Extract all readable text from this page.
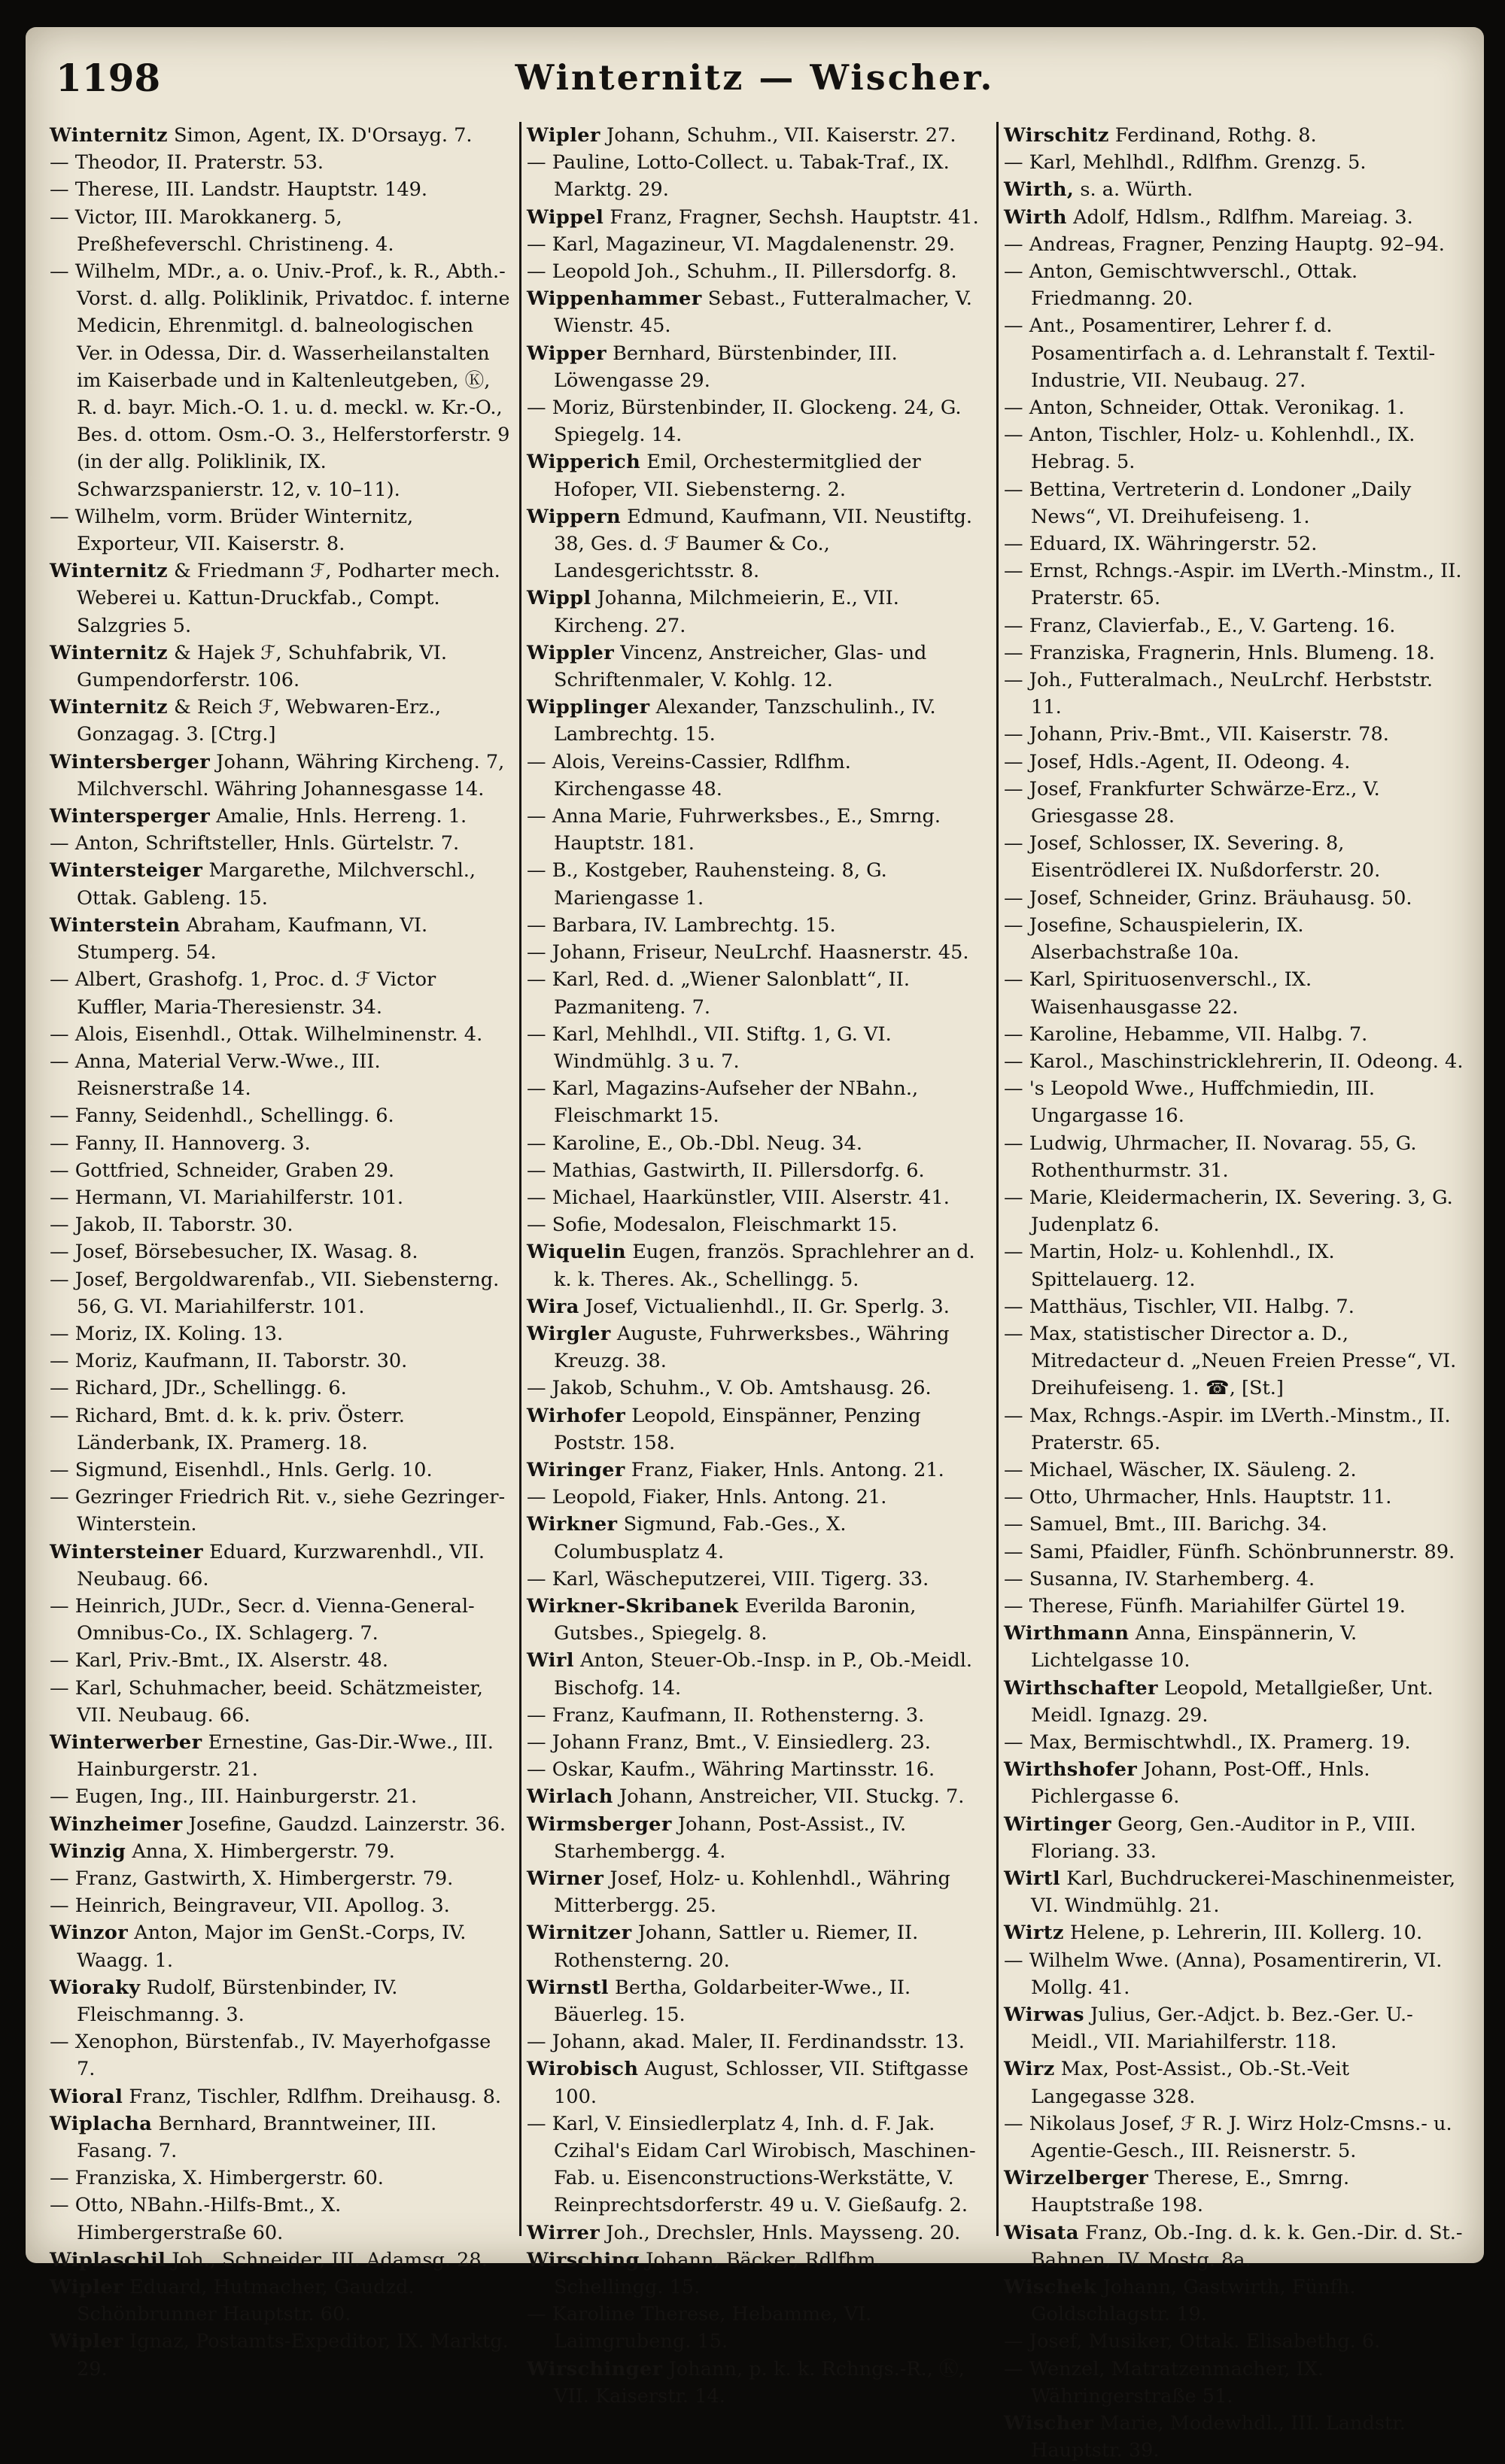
1198	Winternitz — Wischer.
Winternitz Simon, Agent, IX. D'Orsayg. 7.
— Theodor, II. Praterstr. 53.
— Therese, III. Landstr. Hauptstr. 149.
— Victor, III. Marokkanerg. 5, Preßhefeverschl. Christineng. 4.
— Wilhelm, MDr., a. o. Univ.-Prof., k. R., Abth.-Vorst. d. allg. Poliklinik, Privatdoc. f. interne Medicin, Ehrenmitgl. d. balneologischen Ver. in Odessa, Dir. d. Wasserheilanstalten im Kaiserbade und in Kaltenleutgeben, Ⓚ, R. d. bayr. Mich.-O. 1. u. d. meckl. w. Kr.-O., Bes. d. ottom. Osm.-O. 3., Helferstorferstr. 9 (in der allg. Poliklinik, IX. Schwarzspanierstr. 12, v. 10–11).
— Wilhelm, vorm. Brüder Winternitz, Exporteur, VII. Kaiserstr. 8.
Winternitz & Friedmann ℱ, Podharter mech. Weberei u. Kattun-Druckfab., Compt. Salzgries 5.
Winternitz & Hajek ℱ, Schuhfabrik, VI. Gumpendorferstr. 106.
Winternitz & Reich ℱ, Webwaren-Erz., Gonzagag. 3. [Ctrg.]
Wintersberger Johann, Währing Kircheng. 7, Milchverschl. Währing Johannesgasse 14.
Wintersperger Amalie, Hnls. Herreng. 1.
— Anton, Schriftsteller, Hnls. Gürtelstr. 7.
Wintersteiger Margarethe, Milchverschl., Ottak. Gableng. 15.
Winterstein Abraham, Kaufmann, VI. Stumperg. 54.
— Albert, Grashofg. 1, Proc. d. ℱ Victor Kuffler, Maria-Theresienstr. 34.
— Alois, Eisenhdl., Ottak. Wilhelminenstr. 4.
— Anna, Material Verw.-Wwe., III. Reisnerstraße 14.
— Fanny, Seidenhdl., Schellingg. 6.
— Fanny, II. Hannoverg. 3.
— Gottfried, Schneider, Graben 29.
— Hermann, VI. Mariahilferstr. 101.
— Jakob, II. Taborstr. 30.
— Josef, Börsebesucher, IX. Wasag. 8.
— Josef, Bergoldwarenfab., VII. Siebensterng. 56, G. VI. Mariahilferstr. 101.
— Moriz, IX. Koling. 13.
— Moriz, Kaufmann, II. Taborstr. 30.
— Richard, JDr., Schellingg. 6.
— Richard, Bmt. d. k. k. priv. Österr. Länderbank, IX. Pramerg. 18.
— Sigmund, Eisenhdl., Hnls. Gerlg. 10.
— Gezringer Friedrich Rit. v., siehe Gezringer-Winterstein.
Wintersteiner Eduard, Kurzwarenhdl., VII. Neubaug. 66.
— Heinrich, JUDr., Secr. d. Vienna-General-Omnibus-Co., IX. Schlagerg. 7.
— Karl, Priv.-Bmt., IX. Alserstr. 48.
— Karl, Schuhmacher, beeid. Schätzmeister, VII. Neubaug. 66.
Winterwerber Ernestine, Gas-Dir.-Wwe., III. Hainburgerstr. 21.
— Eugen, Ing., III. Hainburgerstr. 21.
Winzheimer Josefine, Gaudzd. Lainzerstr. 36.
Winzig Anna, X. Himbergerstr. 79.
— Franz, Gastwirth, X. Himbergerstr. 79.
— Heinrich, Beingraveur, VII. Apollog. 3.
Winzor Anton, Major im GenSt.-Corps, IV. Waagg. 1.
Wioraky Rudolf, Bürstenbinder, IV. Fleischmanng. 3.
— Xenophon, Bürstenfab., IV. Mayerhofgasse 7.
Wioral Franz, Tischler, Rdlfhm. Dreihausg. 8.
Wiplacha Bernhard, Branntweiner, III. Fasang. 7.
— Franziska, X. Himbergerstr. 60.
— Otto, NBahn.-Hilfs-Bmt., X. Himbergerstraße 60.
Wiplaschil Joh., Schneider, III. Adamsg. 28.
Wipler Eduard, Hutmacher, Gaudzd. Schönbrunner Hauptstr. 60.
Wipler Ignaz, Postamts-Expeditor, IX. Marktg. 29.
Wipler Johann, Schuhm., VII. Kaiserstr. 27.
— Pauline, Lotto-Collect. u. Tabak-Traf., IX. Marktg. 29.
Wippel Franz, Fragner, Sechsh. Hauptstr. 41.
— Karl, Magazineur, VI. Magdalenenstr. 29.
— Leopold Joh., Schuhm., II. Pillersdorfg. 8.
Wippenhammer Sebast., Futteralmacher, V. Wienstr. 45.
Wipper Bernhard, Bürstenbinder, III. Löwengasse 29.
— Moriz, Bürstenbinder, II. Glockeng. 24, G. Spiegelg. 14.
Wipperich Emil, Orchestermitglied der Hofoper, VII. Siebensterng. 2.
Wippern Edmund, Kaufmann, VII. Neustiftg. 38, Ges. d. ℱ Baumer & Co., Landesgerichtsstr. 8.
Wippl Johanna, Milchmeierin, E., VII. Kircheng. 27.
Wippler Vincenz, Anstreicher, Glas- und Schriftenmaler, V. Kohlg. 12.
Wipplinger Alexander, Tanzschulinh., IV. Lambrechtg. 15.
— Alois, Vereins-Cassier, Rdlfhm. Kirchengasse 48.
— Anna Marie, Fuhrwerksbes., E., Smrng. Hauptstr. 181.
— B., Kostgeber, Rauhensteing. 8, G. Mariengasse 1.
— Barbara, IV. Lambrechtg. 15.
— Johann, Friseur, NeuLrchf. Haasnerstr. 45.
— Karl, Red. d. „Wiener Salonblatt“, II. Pazmaniteng. 7.
— Karl, Mehlhdl., VII. Stiftg. 1, G. VI. Windmühlg. 3 u. 7.
— Karl, Magazins-Aufseher der NBahn., Fleischmarkt 15.
— Karoline, E., Ob.-Dbl. Neug. 34.
— Mathias, Gastwirth, II. Pillersdorfg. 6.
— Michael, Haarkünstler, VIII. Alserstr. 41.
— Sofie, Modesalon, Fleischmarkt 15.
Wiquelin Eugen, französ. Sprachlehrer an d. k. k. Theres. Ak., Schellingg. 5.
Wira Josef, Victualienhdl., II. Gr. Sperlg. 3.
Wirgler Auguste, Fuhrwerksbes., Währing Kreuzg. 38.
— Jakob, Schuhm., V. Ob. Amtshausg. 26.
Wirhofer Leopold, Einspänner, Penzing Poststr. 158.
Wiringer Franz, Fiaker, Hnls. Antong. 21.
— Leopold, Fiaker, Hnls. Antong. 21.
Wirkner Sigmund, Fab.-Ges., X. Columbusplatz 4.
— Karl, Wäscheputzerei, VIII. Tigerg. 33.
Wirkner-Skribanek Everilda Baronin, Gutsbes., Spiegelg. 8.
Wirl Anton, Steuer-Ob.-Insp. in P., Ob.-Meidl. Bischofg. 14.
— Franz, Kaufmann, II. Rothensterng. 3.
— Johann Franz, Bmt., V. Einsiedlerg. 23.
— Oskar, Kaufm., Währing Martinsstr. 16.
Wirlach Johann, Anstreicher, VII. Stuckg. 7.
Wirmsberger Johann, Post-Assist., IV. Starhembergg. 4.
Wirner Josef, Holz- u. Kohlenhdl., Währing Mitterbergg. 25.
Wirnitzer Johann, Sattler u. Riemer, II. Rothensterng. 20.
Wirnstl Bertha, Goldarbeiter-Wwe., II. Bäuerleg. 15.
— Johann, akad. Maler, II. Ferdinandsstr. 13.
Wirobisch August, Schlosser, VII. Stiftgasse 100.
— Karl, V. Einsiedlerplatz 4, Inh. d. F. Jak. Czihal's Eidam Carl Wirobisch, Maschinen-Fab. u. Eisenconstructions-Werkstätte, V. Reinprechtsdorferstr. 49 u. V. Gießaufg. 2.
Wirrer Joh., Drechsler, Hnls. Maysseng. 20.
Wirsching Johann, Bäcker, Rdlfhm. Schellingg. 15.
— Karoline Therese, Hebamme, VI. Laimgrubeng. 15.
Wirschinger Johann, p. k. k. Rchngs.-R., Ⓚ, VII. Kaiserstr. 14.
Wirschitz Ferdinand, Rothg. 8.
— Karl, Mehlhdl., Rdlfhm. Grenzg. 5.
Wirth, s. a. Würth.
Wirth Adolf, Hdlsm., Rdlfhm. Mareiag. 3.
— Andreas, Fragner, Penzing Hauptg. 92–94.
— Anton, Gemischtwverschl., Ottak. Friedmanng. 20.
— Ant., Posamentirer, Lehrer f. d. Posamentirfach a. d. Lehranstalt f. Textil-Industrie, VII. Neubaug. 27.
— Anton, Schneider, Ottak. Veronikag. 1.
— Anton, Tischler, Holz- u. Kohlenhdl., IX. Hebrag. 5.
— Bettina, Vertreterin d. Londoner „Daily News“, VI. Dreihufeiseng. 1.
— Eduard, IX. Währingerstr. 52.
— Ernst, Rchngs.-Aspir. im LVerth.-Minstm., II. Praterstr. 65.
— Franz, Clavierfab., E., V. Garteng. 16.
— Franziska, Fragnerin, Hnls. Blumeng. 18.
— Joh., Futteralmach., NeuLrchf. Herbststr. 11.
— Johann, Priv.-Bmt., VII. Kaiserstr. 78.
— Josef, Hdls.-Agent, II. Odeong. 4.
— Josef, Frankfurter Schwärze-Erz., V. Griesgasse 28.
— Josef, Schlosser, IX. Severing. 8, Eisentrödlerei IX. Nußdorferstr. 20.
— Josef, Schneider, Grinz. Bräuhausg. 50.
— Josefine, Schauspielerin, IX. Alserbachstraße 10a.
— Karl, Spirituosenverschl., IX. Waisenhausgasse 22.
— Karoline, Hebamme, VII. Halbg. 7.
— Karol., Maschinstricklehrerin, II. Odeong. 4.
— 's Leopold Wwe., Huffchmiedin, III. Ungargasse 16.
— Ludwig, Uhrmacher, II. Novarag. 55, G. Rothenthurmstr. 31.
— Marie, Kleidermacherin, IX. Severing. 3, G. Judenplatz 6.
— Martin, Holz- u. Kohlenhdl., IX. Spittelauerg. 12.
— Matthäus, Tischler, VII. Halbg. 7.
— Max, statistischer Director a. D., Mitredacteur d. „Neuen Freien Presse“, VI. Dreihufeiseng. 1. ☎, [St.]
— Max, Rchngs.-Aspir. im LVerth.-Minstm., II. Praterstr. 65.
— Michael, Wäscher, IX. Säuleng. 2.
— Otto, Uhrmacher, Hnls. Hauptstr. 11.
— Samuel, Bmt., III. Barichg. 34.
— Sami, Pfaidler, Fünfh. Schönbrunnerstr. 89.
— Susanna, IV. Starhemberg. 4.
— Therese, Fünfh. Mariahilfer Gürtel 19.
Wirthmann Anna, Einspännerin, V. Lichtelgasse 10.
Wirthschafter Leopold, Metallgießer, Unt. Meidl. Ignazg. 29.
— Max, Bermischtwhdl., IX. Pramerg. 19.
Wirthshofer Johann, Post-Off., Hnls. Pichlergasse 6.
Wirtinger Georg, Gen.-Auditor in P., VIII. Floriang. 33.
Wirtl Karl, Buchdruckerei-Maschinenmeister, VI. Windmühlg. 21.
Wirtz Helene, p. Lehrerin, III. Kollerg. 10.
— Wilhelm Wwe. (Anna), Posamentirerin, VI. Mollg. 41.
Wirwas Julius, Ger.-Adjct. b. Bez.-Ger. U.-Meidl., VII. Mariahilferstr. 118.
Wirz Max, Post-Assist., Ob.-St.-Veit Langegasse 328.
— Nikolaus Josef, ℱ R. J. Wirz Holz-Cmsns.- u. Agentie-Gesch., III. Reisnerstr. 5.
Wirzelberger Therese, E., Smrng. Hauptstraße 198.
Wisata Franz, Ob.-Ing. d. k. k. Gen.-Dir. d. St.-Bahnen, IV. Mostg. 8a.
Wischek Johann, Gastwirth, Fünfh. Goldschlagstr. 19.
— Josef, Musiker, Ottak. Elisabethg. 6.
— Wenzel, Matratzenmacher, IX. Währingerstraße 51.
Wischer Marie, Modewhdl., III. Landstr. Hauptstr. 39.
